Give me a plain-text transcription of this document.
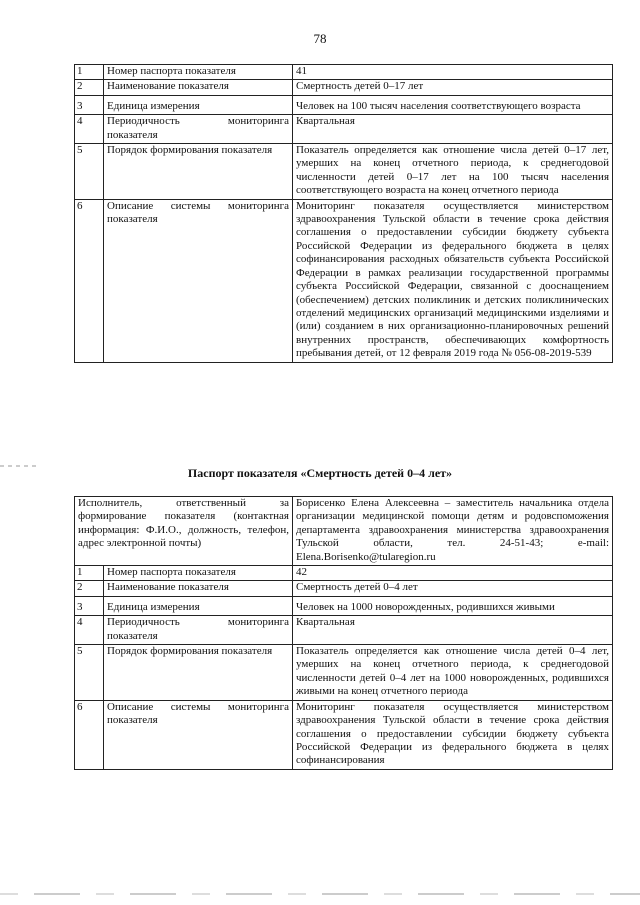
78
1	Номер паспорта показателя	41
2	Наименование показателя	Смертность детей 0–17 лет
3	Единица измерения	Человек на 100 тысяч населения соответствующего возраста
4	Периодичность мониторинга показателя	Квартальная
5	Порядок формирования показателя	Показатель определяется как отношение числа детей 0–17 лет, умерших на конец отчетного периода, к среднегодовой численности детей 0–17 лет на 100 тысяч населения соответствующего возраста на конец отчетного периода
6	Описание системы мониторинга показателя	Мониторинг показателя осуществляется министерством здравоохранения Тульской области в течение срока действия соглашения о предоставлении субсидии бюджету субъекта Российской Федерации из федерального бюджета в целях софинансирования расходных обязательств субъекта Российской Федерации в рамках реализации государственной программы субъекта Российской Федерации, связанной с дооснащением (обеспечением) детских поликлиник и детских поликлинических отделений медицинских организаций медицинскими изделиями и (или) созданием в них организационно-планировочных решений внутренних пространств, обеспечивающих комфортность пребывания детей, от 12 февраля 2019 года № 056-08-2019-539
Паспорт показателя «Смертность детей 0–4 лет»
Исполнитель, ответственный за формирование показателя (контактная информация: Ф.И.О., должность, телефон, адрес электронной почты)		Борисенко Елена Алексеевна – заместитель начальника отдела организации медицинской помощи детям и родовспоможения департамента здравоохранения министерства здравоохранения Тульской области, тел. 24-51-43; e-mail: Elena.Borisenko@tularegion.ru
1	Номер паспорта показателя	42
2	Наименование показателя	Смертность детей 0–4 лет
3	Единица измерения	Человек на 1000 новорожденных, родившихся живыми
4	Периодичность мониторинга показателя	Квартальная
5	Порядок формирования показателя	Показатель определяется как отношение числа детей 0–4 лет, умерших на конец отчетного периода, к среднегодовой численности детей 0–4 лет на 1000 новорожденных, родившихся живыми на конец отчетного периода
6	Описание системы мониторинга показателя	Мониторинг показателя осуществляется министерством здравоохранения Тульской области в течение срока действия соглашения о предоставлении субсидии бюджету субъекта Российской Федерации из федерального бюджета в целях софинансирования
